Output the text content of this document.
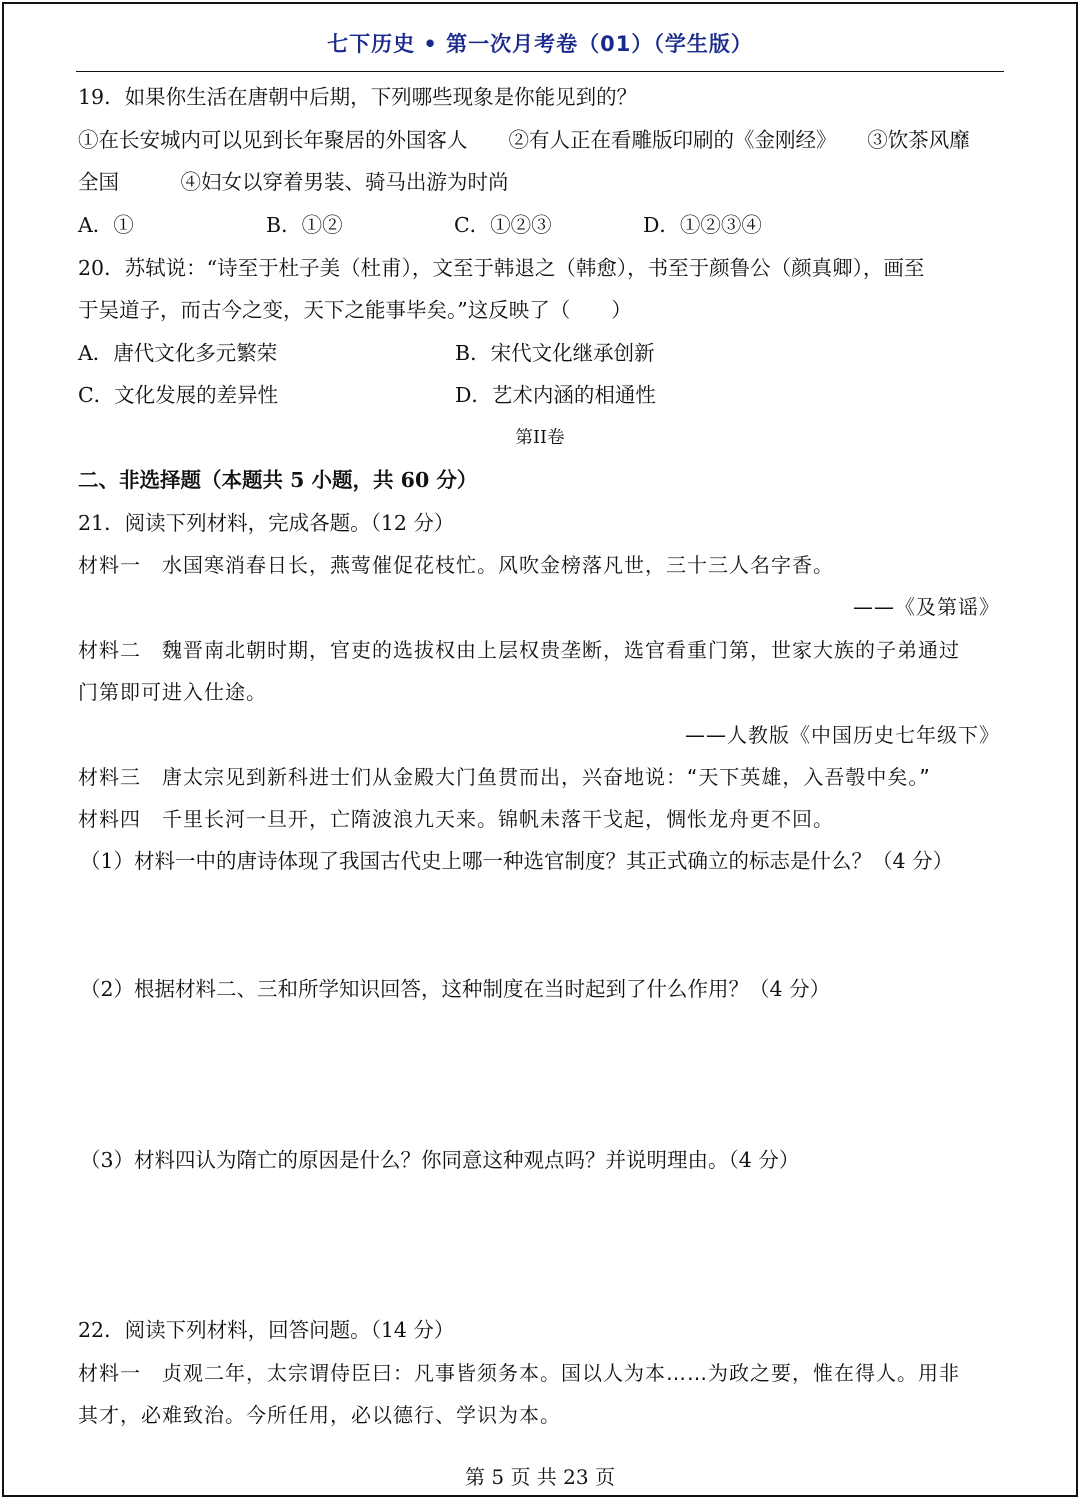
七下历史 • 第一次月考卷（01）（学生版）
19．如果你生活在唐朝中后期，下列哪些现象是你能见到的？
①在长安城内可以见到长年聚居的外国客人　　②有人正在看雕版印刷的《金刚经》　　③饮茶风靡
全国　　　④妇女以穿着男装、骑马出游为时尚
A．①	B．①②	C．①②③	D．①②③④
20．苏轼说：“诗至于杜子美（杜甫），文至于韩退之（韩愈），书至于颜鲁公（颜真卿），画至
于吴道子，而古今之变，天下之能事毕矣。”这反映了（　　）
A．唐代文化多元繁荣	B．宋代文化继承创新
C．文化发展的差异性	D．艺术内涵的相通性
第II卷
二、非选择题（本题共 5 小题，共 60 分）
21．阅读下列材料，完成各题。（12 分）
材料一　水国寒消春日长，燕莺催促花枝忙。风吹金榜落凡世，三十三人名字香。
——《及第谣》
材料二　魏晋南北朝时期，官吏的选拔权由上层权贵垄断，选官看重门第，世家大族的子弟通过
门第即可进入仕途。
——人教版《中国历史七年级下》
材料三　唐太宗见到新科进士们从金殿大门鱼贯而出，兴奋地说：“天下英雄，入吾彀中矣。”
材料四　千里长河一旦开，亡隋波浪九天来。锦帆未落干戈起，惆怅龙舟更不回。
（1）材料一中的唐诗体现了我国古代史上哪一种选官制度？其正式确立的标志是什么？（4 分）
（2）根据材料二、三和所学知识回答，这种制度在当时起到了什么作用？（4 分）
（3）材料四认为隋亡的原因是什么？你同意这种观点吗？并说明理由。（4 分）
22．阅读下列材料，回答问题。（14 分）
材料一　贞观二年，太宗谓侍臣曰：凡事皆须务本。国以人为本……为政之要，惟在得人。用非
其才，必难致治。今所任用，必以德行、学识为本。
第 5 页 共 23 页
